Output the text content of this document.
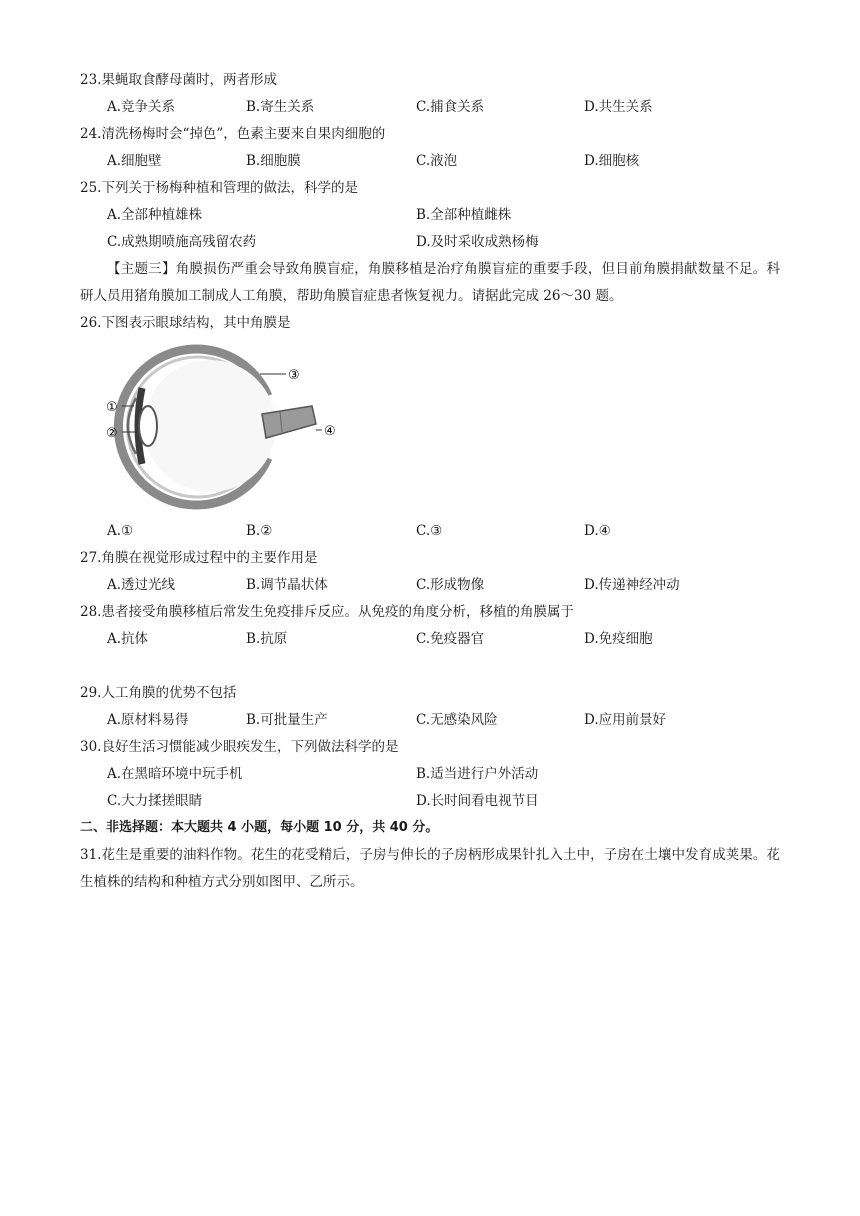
23.果蝇取食酵母菌时，两者形成
A.竞争关系	B.寄生关系	C.捕食关系	D.共生关系
24.清洗杨梅时会“掉色”，色素主要来自果肉细胞的
A.细胞壁	B.细胞膜	C.液泡	D.细胞核
25.下列关于杨梅种植和管理的做法，科学的是
A.全部种植雄株	B.全部种植雌株
C.成熟期喷施高残留农药	D.及时采收成熟杨梅
【主题三】角膜损伤严重会导致角膜盲症，角膜移植是治疗角膜盲症的重要手段，但目前角膜捐献数量不足。科研人员用猪角膜加工制成人工角膜，帮助角膜盲症患者恢复视力。请据此完成 26～30 题。
26.下图表示眼球结构，其中角膜是
③
①
②	④
A.①	B.②	C.③	D.④
27.角膜在视觉形成过程中的主要作用是
A.透过光线	B.调节晶状体	C.形成物像	D.传递神经冲动
28.患者接受角膜移植后常发生免疫排斥反应。从免疫的角度分析，移植的角膜属于
A.抗体	B.抗原	C.免疫器官	D.免疫细胞
29.人工角膜的优势不包括
A.原材料易得	B.可批量生产	C.无感染风险	D.应用前景好
30.良好生活习惯能减少眼疾发生，下列做法科学的是
A.在黑暗环境中玩手机	B.适当进行户外活动
C.大力揉搓眼睛	D.长时间看电视节目
二、非选择题：本大题共 4 小题，每小题 10 分，共 40 分。
31.花生是重要的油料作物。花生的花受精后，子房与伸长的子房柄形成果针扎入土中，子房在土壤中发育成荚果。花生植株的结构和种植方式分别如图甲、乙所示。
